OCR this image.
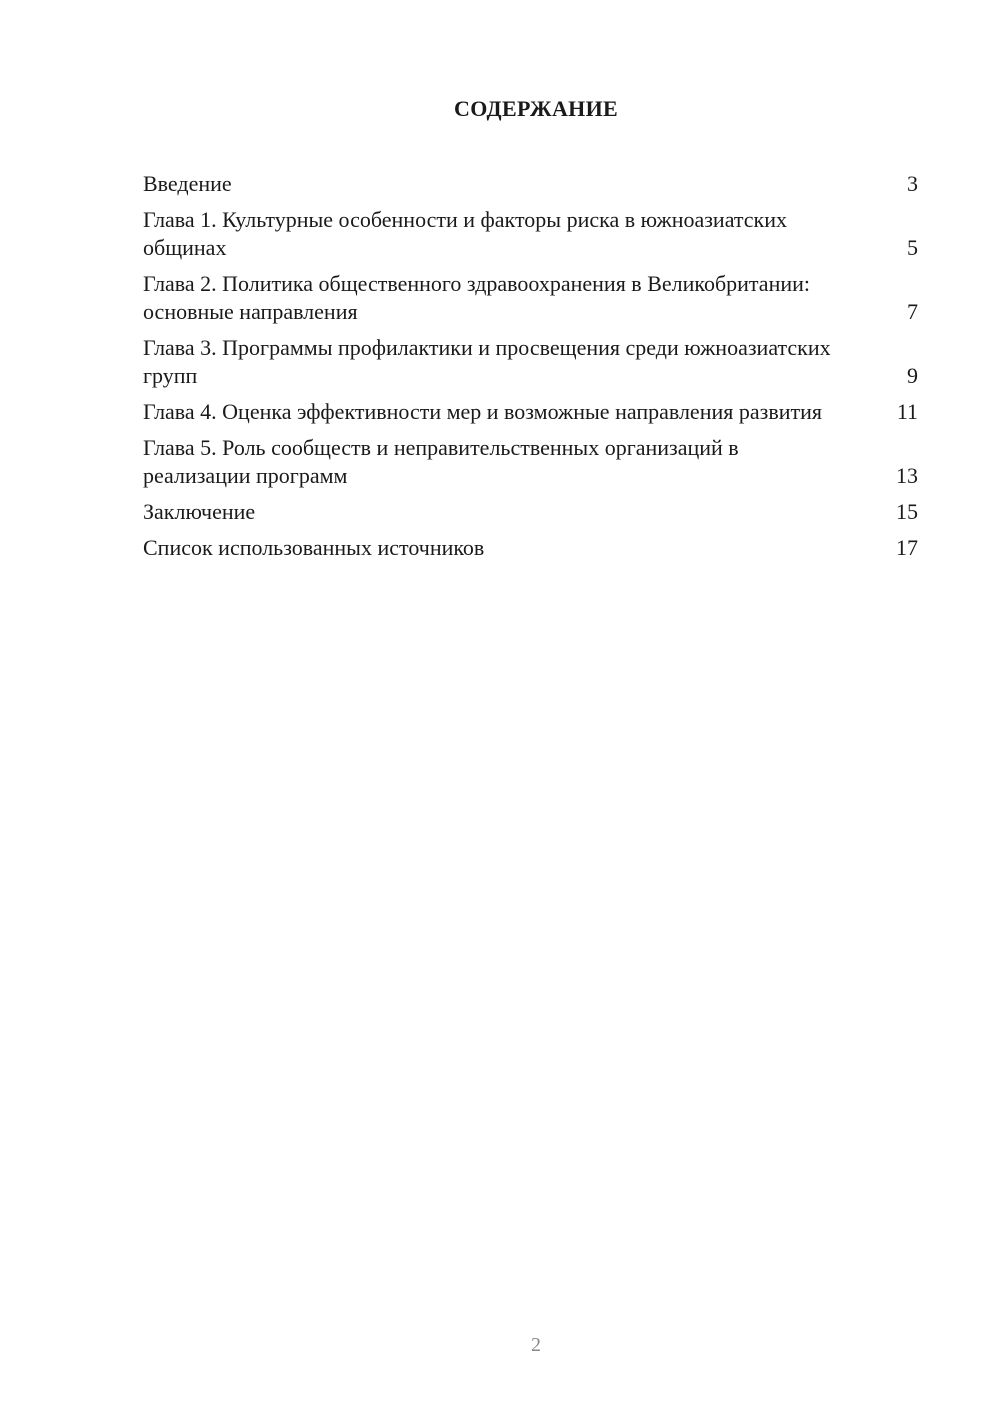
СОДЕРЖАНИЕ
Введение	3
Глава 1. Культурные особенности и факторы риска в южноазиатских общинах	5
Глава 2. Политика общественного здравоохранения в Великобритании: основные направления	7
Глава 3. Программы профилактики и просвещения среди южноазиатских групп	9
Глава 4. Оценка эффективности мер и возможные направления развития	11
Глава 5. Роль сообществ и неправительственных организаций в реализации программ	13
Заключение	15
Список использованных источников	17
2
